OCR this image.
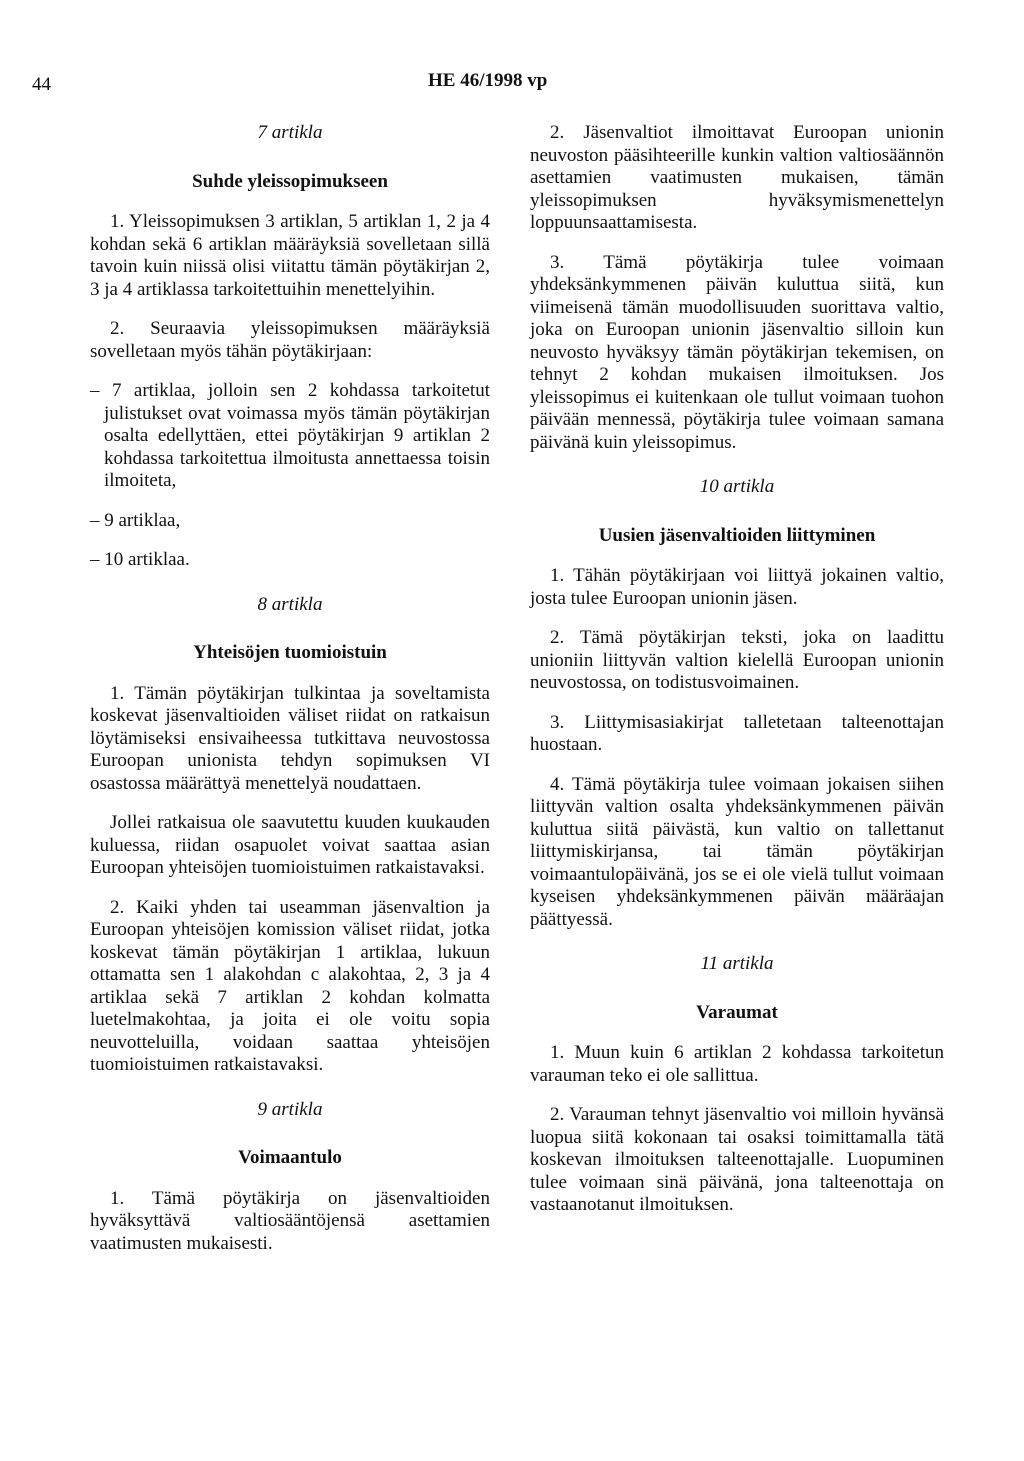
44	HE 46/1998 vp
7 artikla
Suhde yleissopimukseen

1. Yleissopimuksen 3 artiklan, 5 artiklan 1, 2 ja 4 kohdan sekä 6 artiklan määräyksiä sovelletaan sillä tavoin kuin niissä olisi viitattu tämän pöytäkirjan 2, 3 ja 4 artiklassa tarkoitettuihin menettelyihin.

2. Seuraavia yleissopimuksen määräyksiä sovelletaan myös tähän pöytäkirjaan:

– 7 artiklaa, jolloin sen 2 kohdassa tarkoitetut julistukset ovat voimassa myös tämän pöytäkirjan osalta edellyttäen, ettei pöytäkirjan 9 artiklan 2 kohdassa tarkoitettua ilmoitusta annettaessa toisin ilmoiteta,

– 9 artiklaa,

– 10 artiklaa.

8 artikla
Yhteisöjen tuomioistuin

1. Tämän pöytäkirjan tulkintaa ja soveltamista koskevat jäsenvaltioiden väliset riidat on ratkaisun löytämiseksi ensivaiheessa tutkittava neuvostossa Euroopan unionista tehdyn sopimuksen VI osastossa määrättyä menettelyä noudattaen.

Jollei ratkaisua ole saavutettu kuuden kuukauden kuluessa, riidan osapuolet voivat saattaa asian Euroopan yhteisöjen tuomioistuimen ratkaistavaksi.

2. Kaiki yhden tai useamman jäsenvaltion ja Euroopan yhteisöjen komission väliset riidat, jotka koskevat tämän pöytäkirjan 1 artiklaa, lukuun ottamatta sen 1 alakohdan c alakohtaa, 2, 3 ja 4 artiklaa sekä 7 artiklan 2 kohdan kolmatta luetelmakohtaa, ja joita ei ole voitu sopia neuvotteluilla, voidaan saattaa yhteisöjen tuomioistuimen ratkaistavaksi.

9 artikla
Voimaantulo

1. Tämä pöytäkirja on jäsenvaltioiden hyväksyttävä valtiosääntöjensä asettamien vaatimusten mukaisesti.

2. Jäsenvaltiot ilmoittavat Euroopan unionin neuvoston pääsihteerille kunkin valtion valtiosäännön asettamien vaatimusten mukaisen, tämän yleissopimuksen hyväksymismenettelyn loppuunsaattamisesta.

3. Tämä pöytäkirja tulee voimaan yhdeksänkymmenen päivän kuluttua siitä, kun viimeisenä tämän muodollisuuden suorittava valtio, joka on Euroopan unionin jäsenvaltio silloin kun neuvosto hyväksyy tämän pöytäkirjan tekemisen, on tehnyt 2 kohdan mukaisen ilmoituksen. Jos yleissopimus ei kuitenkaan ole tullut voimaan tuohon päivään mennessä, pöytäkirja tulee voimaan samana päivänä kuin yleissopimus.

10 artikla
Uusien jäsenvaltioiden liittyminen

1. Tähän pöytäkirjaan voi liittyä jokainen valtio, josta tulee Euroopan unionin jäsen.

2. Tämä pöytäkirjan teksti, joka on laadittu unioniin liittyvän valtion kielellä Euroopan unionin neuvostossa, on todistusvoimainen.

3. Liittymisasiakirjat talletetaan talteenottajan huostaan.

4. Tämä pöytäkirja tulee voimaan jokaisen siihen liittyvän valtion osalta yhdeksänkymmenen päivän kuluttua siitä päivästä, kun valtio on tallettanut liittymiskirjansa, tai tämän pöytäkirjan voimaantulopäivänä, jos se ei ole vielä tullut voimaan kyseisen yhdeksänkymmenen päivän määräajan päättyessä.

11 artikla
Varaumat

1. Muun kuin 6 artiklan 2 kohdassa tarkoitetun varauman teko ei ole sallittua.

2. Varauman tehnyt jäsenvaltio voi milloin hyvänsä luopua siitä kokonaan tai osaksi toimittamalla tätä koskevan ilmoituksen talteenottajalle. Luopuminen tulee voimaan sinä päivänä, jona talteenottaja on vastaanotanut ilmoituksen.
